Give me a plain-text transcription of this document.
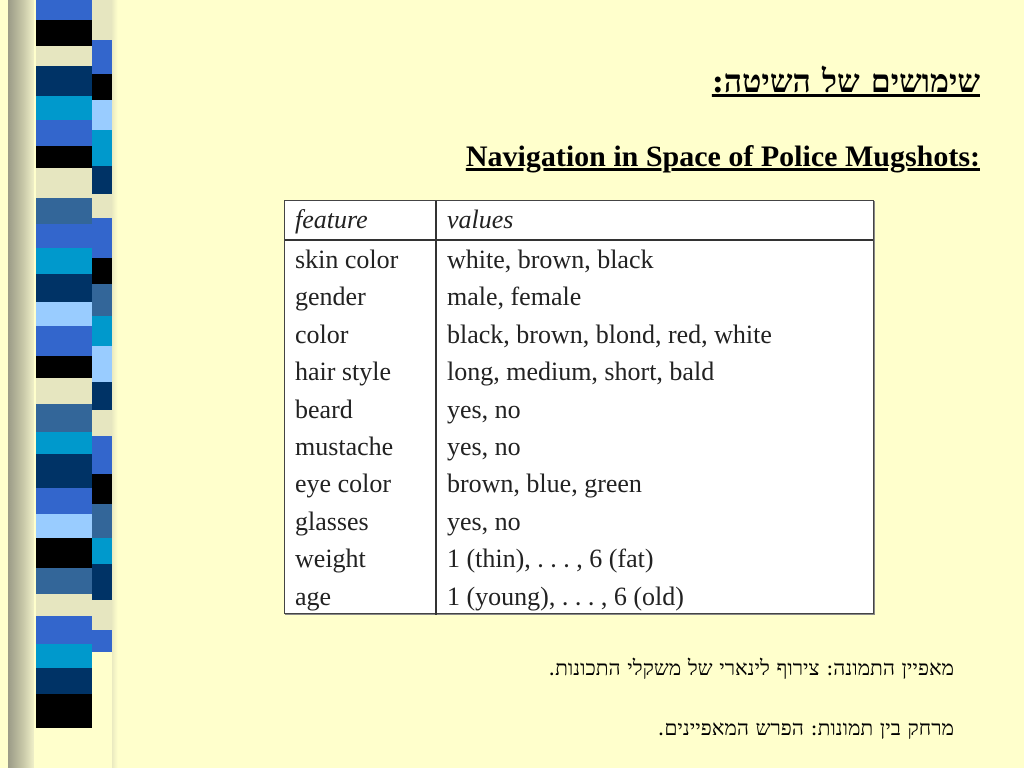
שימושים של השיטה:
Navigation in Space of Police Mugshots:
feature	values
skin color	white, brown, black
gender	male, female
color	black, brown, blond, red, white
hair style	long, medium, short, bald
beard	yes, no
mustache	yes, no
eye color	brown, blue, green
glasses	yes, no
weight	1 (thin), . . . , 6 (fat)
age	1 (young), . . . , 6 (old)
מאפיין התמונה: צירוף לינארי של משקלי התכונות.
מרחק בין תמונות: הפרש המאפיינים.
